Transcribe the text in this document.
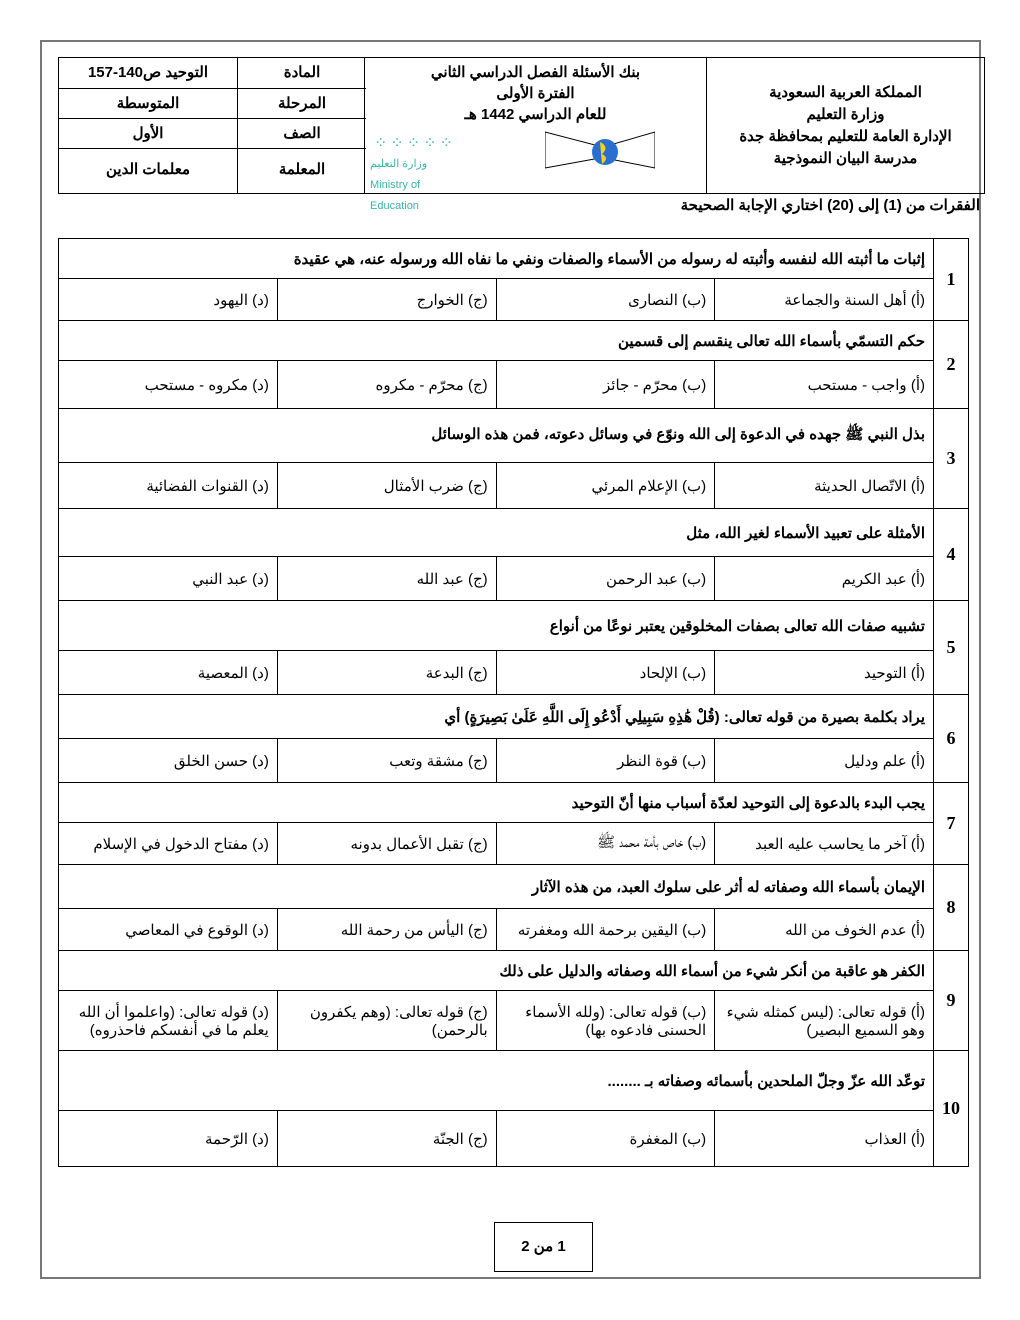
المملكة العربية السعودية
وزارة التعليم
الإدارة العامة للتعليم بمحافظة جدة
مدرسة البيان النموذجية
بنك الأسئلة الفصل الدراسي الثاني
الفترة الأولى
للعام الدراسي 1442 هـ
⁘⁘⁘⁘⁘
وزارة التعليم Ministry of Education
المادة
التوحيد ص140-157
المرحلة
المتوسطة
الصف
الأول
المعلمة
معلمات الدين
الفقرات من (1) إلى (20) اختاري الإجابة الصحيحة
1	إثبات ما أثبته الله لنفسه وأثبته له رسوله من الأسماء والصفات ونفي ما نفاه الله ورسوله عنه، هي عقيدة			
	(أ) أهل السنة والجماعة	(ب) النصارى	(ج) الخوارج	(د) اليهود
2	حكم التسمّي بأسماء الله تعالى ينقسم إلى قسمين			
	(أ) واجب - مستحب	(ب) محرّم - جائز	(ج) محرّم - مكروه	(د) مكروه - مستحب
3	بذل النبي ﷺ جهده في الدعوة إلى الله ونوّع في وسائل دعوته، فمن هذه الوسائل			
	(أ) الاتّصال الحديثة	(ب) الإعلام المرئي	(ج) ضرب الأمثال	(د) القنوات الفضائية
4	الأمثلة على تعبيد الأسماء لغير الله، مثل			
	(أ) عبد الكريم	(ب) عبد الرحمن	(ج) عبد الله	(د) عبد النبي
5	تشبيه صفات الله تعالى بصفات المخلوقين يعتبر نوعًا من أنواع			
	(أ) التوحيد	(ب) الإلحاد	(ج) البدعة	(د) المعصية
6	يراد بكلمة بصيرة من قوله تعالى: (قُلْ هَٰذِهِ سَبِيلِي أَدْعُو إِلَى اللَّهِ عَلَىٰ بَصِيرَةٍ) أي			
	(أ) علم ودليل	(ب) قوة النظر	(ج) مشقة وتعب	(د) حسن الخلق
7	يجب البدء بالدعوة إلى التوحيد لعدّة أسباب منها أنّ التوحيد			
	(أ) آخر ما يحاسب عليه العبد	(ب) خاص بأمة محمد ﷺ	(ج) تقبل الأعمال بدونه	(د) مفتاح الدخول في الإسلام
8	الإيمان بأسماء الله وصفاته له أثر على سلوك العبد، من هذه الآثار			
	(أ) عدم الخوف من الله	(ب) اليقين برحمة الله ومغفرته	(ج) اليأس من رحمة الله	(د) الوقوع في المعاصي
9	الكفر هو عاقبة من أنكر شيء من أسماء الله وصفاته والدليل على ذلك			
	(أ) قوله تعالى: (ليس كمثله شيء وهو السميع البصير)	(ب) قوله تعالى: (ولله الأسماء الحسنى فادعوه بها)	(ج) قوله تعالى: (وهم يكفرون بالرحمن)	(د) قوله تعالى: (واعلموا أن الله يعلم ما في أنفسكم فاحذروه)
10	توعّد الله عزّ وجلّ الملحدين بأسمائه وصفاته بـ ........			
	(أ) العذاب	(ب) المغفرة	(ج) الجنّة	(د) الرّحمة
1 من 2
